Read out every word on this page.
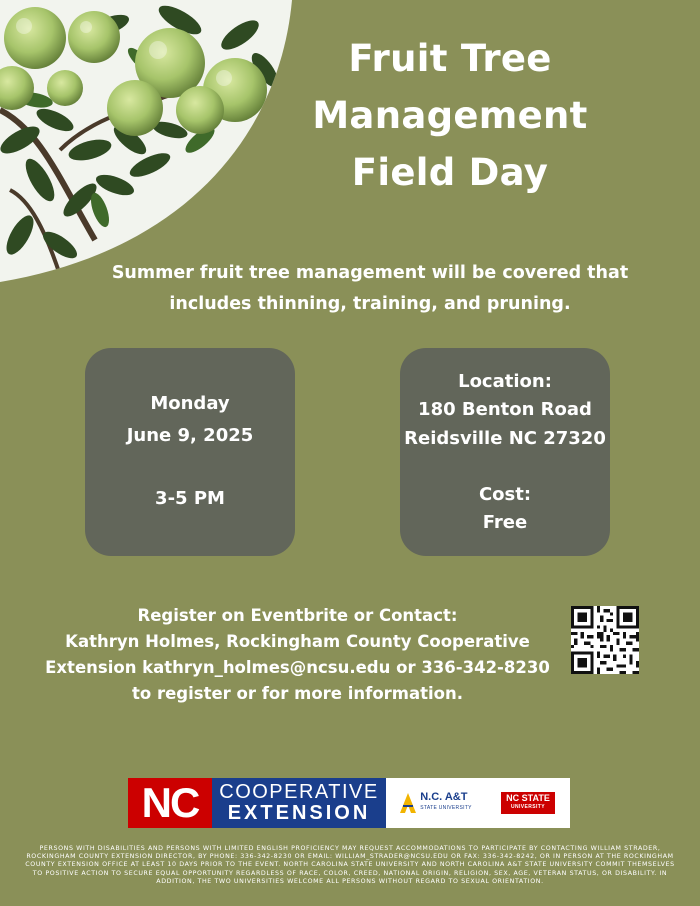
Fruit Tree
Management
Field Day
Summer fruit tree management will be covered that
includes thinning, training, and pruning.
Monday
June 9, 2025
3-5 PM
Location:
180 Benton Road
Reidsville NC 27320
Cost:
Free
Register on Eventbrite or Contact:
Kathryn Holmes, Rockingham County Cooperative
Extension kathryn_holmes@ncsu.edu or 336-342-8230
to register or for more information.
NC	COOPERATIVE
EXTENSION
N.C. A&T
STATE UNIVERSITY
NC STATE
UNIVERSITY
PERSONS WITH DISABILITIES AND PERSONS WITH LIMITED ENGLISH PROFICIENCY MAY REQUEST ACCOMMODATIONS TO PARTICIPATE BY CONTACTING WILLIAM STRADER, ROCKINGHAM COUNTY EXTENSION DIRECTOR, BY PHONE: 336-342-8230 OR EMAIL: WILLIAM_STRADER@NCSU.EDU OR FAX: 336-342-8242, OR IN PERSON AT THE ROCKINGHAM COUNTY EXTENSION OFFICE AT LEAST 10 DAYS PRIOR TO THE EVENT. NORTH CAROLINA STATE UNIVERSITY AND NORTH CAROLINA A&T STATE UNIVERSITY COMMIT THEMSELVES TO POSITIVE ACTION TO SECURE EQUAL OPPORTUNITY REGARDLESS OF RACE, COLOR, CREED, NATIONAL ORIGIN, RELIGION, SEX, AGE, VETERAN STATUS, OR DISABILITY. IN ADDITION, THE TWO UNIVERSITIES WELCOME ALL PERSONS WITHOUT REGARD TO SEXUAL ORIENTATION.
